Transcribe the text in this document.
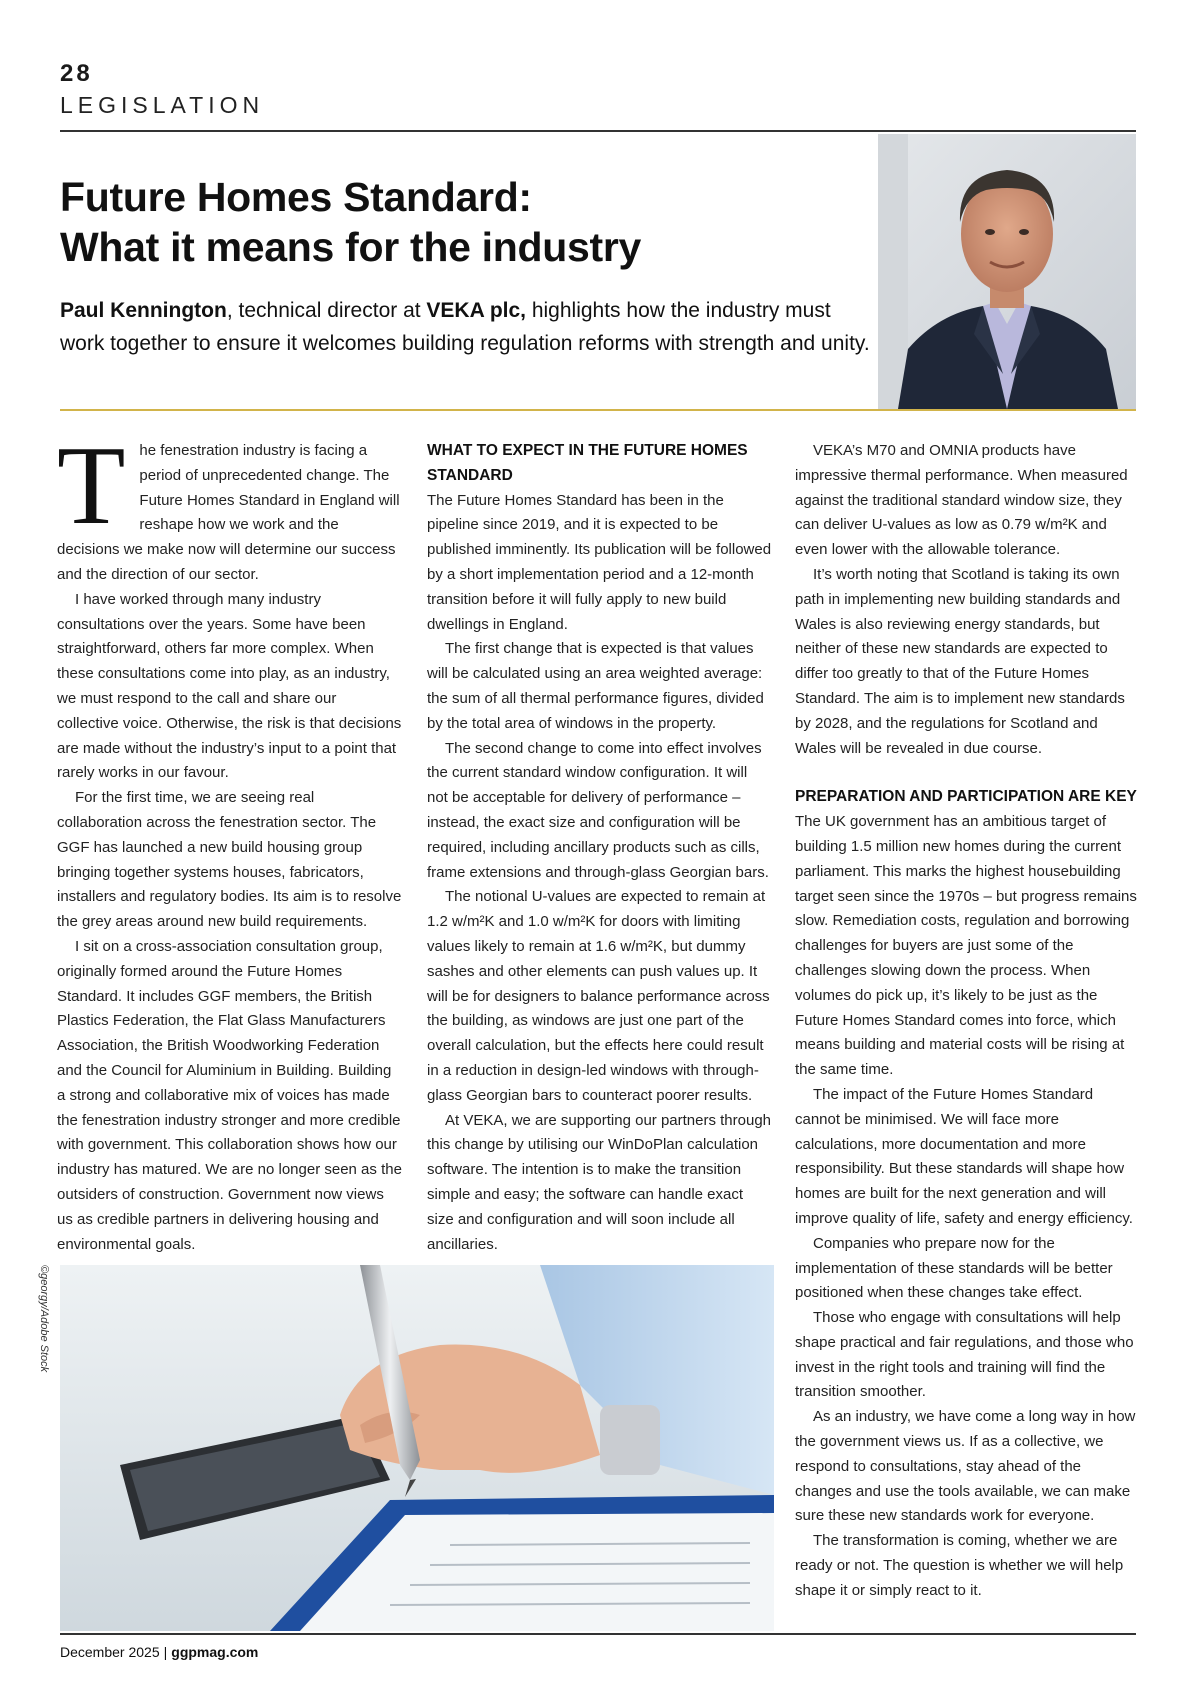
28
LEGISLATION
Future Homes Standard:
What it means for the industry

Paul Kennington, technical director at VEKA plc, highlights how the industry must work together to ensure it welcomes building regulation reforms with strength and unity.

T he fenestration industry is facing a period of unprecedented change. The Future Homes Standard in England will reshape how we work and the decisions we make now will determine our success and the direction of our sector.

I have worked through many industry consultations over the years. Some have been straightforward, others far more complex. When these consultations come into play, as an industry, we must respond to the call and share our collective voice. Otherwise, the risk is that decisions are made without the industry’s input to a point that rarely works in our favour.

For the first time, we are seeing real collaboration across the fenestration sector. The GGF has launched a new build housing group bringing together systems houses, fabricators, installers and regulatory bodies. Its aim is to resolve the grey areas around new build requirements.

I sit on a cross-association consultation group, originally formed around the Future Homes Standard. It includes GGF members, the British Plastics Federation, the Flat Glass Manufacturers Association, the British Woodworking Federation and the Council for Aluminium in Building. Building a strong and collaborative mix of voices has made the fenestration industry stronger and more credible with government. This collaboration shows how our industry has matured. We are no longer seen as the outsiders of construction. Government now views us as credible partners in delivering housing and environmental goals.

WHAT TO EXPECT IN THE FUTURE HOMES STANDARD

The Future Homes Standard has been in the pipeline since 2019, and it is expected to be published imminently. Its publication will be followed by a short implementation period and a 12-month transition before it will fully apply to new build dwellings in England.

The first change that is expected is that values will be calculated using an area weighted average: the sum of all thermal performance figures, divided by the total area of windows in the property.

The second change to come into effect involves the current standard window configuration. It will not be acceptable for delivery of performance – instead, the exact size and configuration will be required, including ancillary products such as cills, frame extensions and through-glass Georgian bars.

The notional U-values are expected to remain at 1.2 w/m²K and 1.0 w/m²K for doors with limiting values likely to remain at 1.6 w/m²K, but dummy sashes and other elements can push values up. It will be for designers to balance performance across the building, as windows are just one part of the overall calculation, but the effects here could result in a reduction in design-led windows with through-glass Georgian bars to counteract poorer results.

At VEKA, we are supporting our partners through this change by utilising our WinDoPlan calculation software. The intention is to make the transition simple and easy; the software can handle exact size and configuration and will soon include all ancillaries.

VEKA’s M70 and OMNIA products have impressive thermal performance. When measured against the traditional standard window size, they can deliver U-values as low as 0.79 w/m²K and even lower with the allowable tolerance.

It’s worth noting that Scotland is taking its own path in implementing new building standards and Wales is also reviewing energy standards, but neither of these new standards are expected to differ too greatly to that of the Future Homes Standard. The aim is to implement new standards by 2028, and the regulations for Scotland and Wales will be revealed in due course.

PREPARATION AND PARTICIPATION ARE KEY

The UK government has an ambitious target of building 1.5 million new homes during the current parliament. This marks the highest housebuilding target seen since the 1970s – but progress remains slow. Remediation costs, regulation and borrowing challenges for buyers are just some of the challenges slowing down the process. When volumes do pick up, it’s likely to be just as the Future Homes Standard comes into force, which means building and material costs will be rising at the same time.

The impact of the Future Homes Standard cannot be minimised. We will face more calculations, more documentation and more responsibility. But these standards will shape how homes are built for the next generation and will improve quality of life, safety and energy efficiency.

Companies who prepare now for the implementation of these standards will be better positioned when these changes take effect.

Those who engage with consultations will help shape practical and fair regulations, and those who invest in the right tools and training will find the transition smoother.

As an industry, we have come a long way in how the government views us. If as a collective, we respond to consultations, stay ahead of the changes and use the tools available, we can make sure these new standards work for everyone.

The transformation is coming, whether we are ready or not. The question is whether we will help shape it or simply react to it.

©georgy/Adobe Stock
December 2025 | ggpmag.com
